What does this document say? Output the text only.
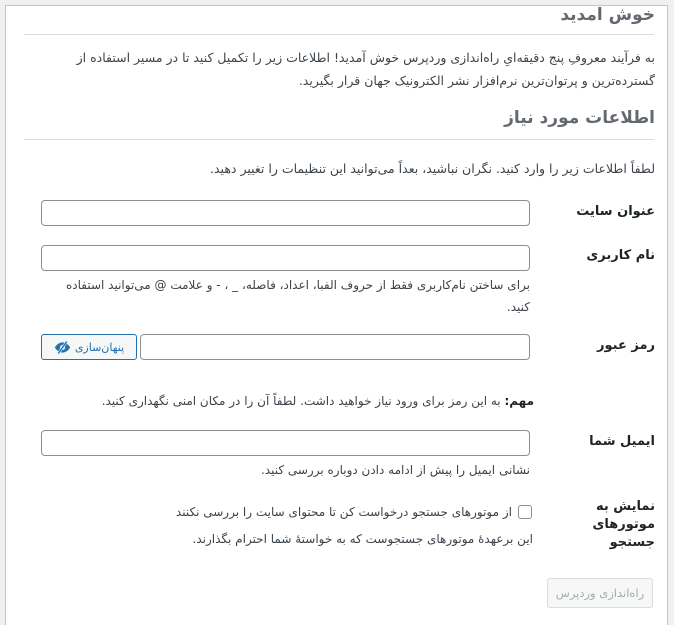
خوش امدید

به فرآیند معروفِ پنج دقیقه‌ایِ راه‌اندازی وردپرس خوش آمدید! اطلاعات زیر را تکمیل کنید تا در مسیر استفاده از گسترده‌ترین و پرتوان‌ترین نرم‌افزار نشر الکترونیک جهان قرار بگیرید.

اطلاعات مورد نیاز

لطفاً اطلاعات زیر را وارد کنید. نگران نباشید، بعداً می‌توانید این تنظیمات را تغییر دهید.

عنوان سایت
نام کاربری

برای ساختن نام‌کاربری فقط از حروف الفبا، اعداد، فاصله، _ ، - و علامت @ می‌توانید استفاده کنید.

رمز عبور
پنهان‌سازی

مهم: به این رمز برای ورود نیاز خواهید داشت. لطفاً آن را در مکان امنی نگهداری کنید.

ایمیل شما

نشانی ایمیل را پیش از ادامه دادن دوباره بررسی کنید.

نمایش به موتورهای جستجو

از موتورهای جستجو درخواست کن تا محتوای سایت را بررسی نکنند

این برعهدهٔ موتورهای جستجوست که به خواستهٔ شما احترام بگذارند.

راه‌اندازی وردپرس
